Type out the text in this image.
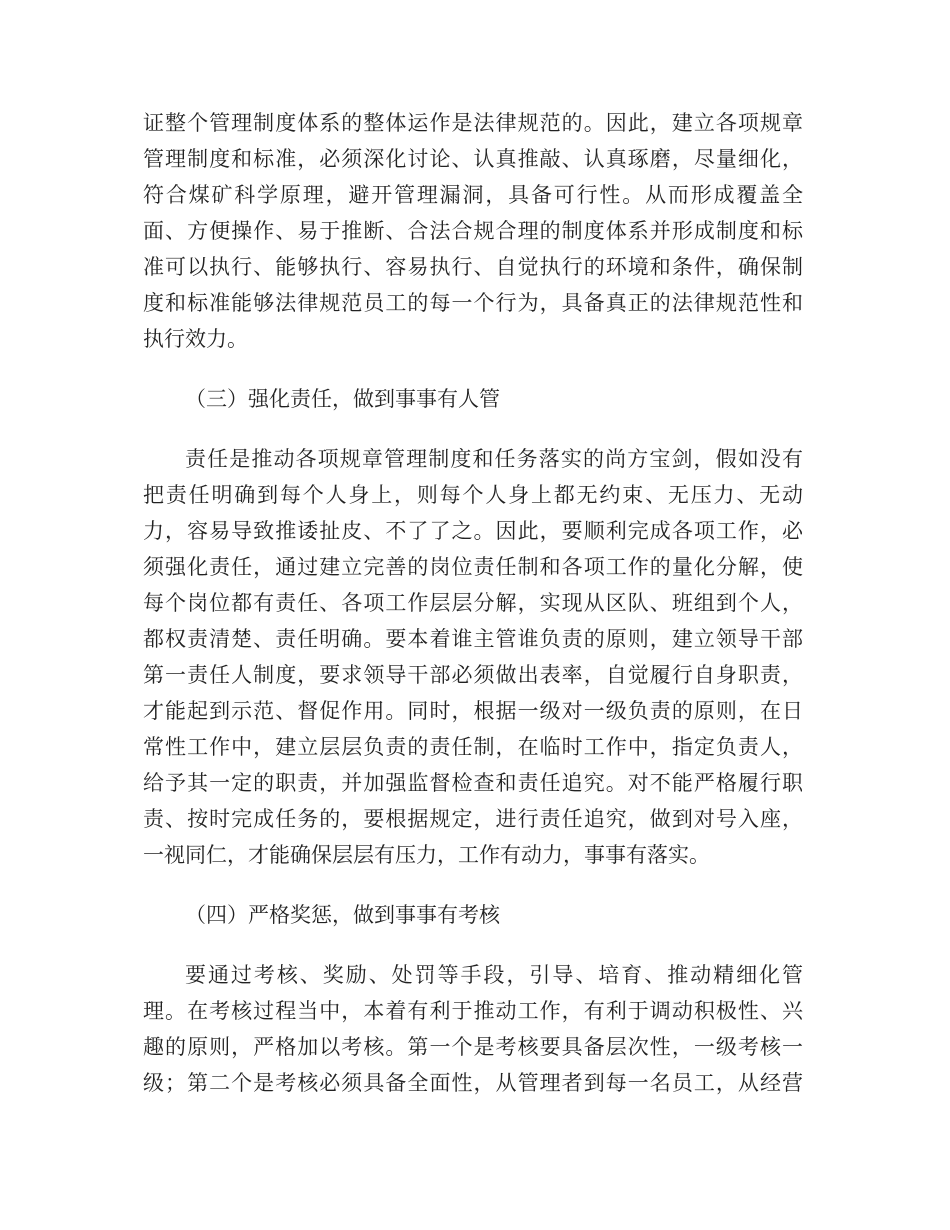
证整个管理制度体系的整体运作是法律规范的。因此，建立各项规章
管理制度和标准，必须深化讨论、认真推敲、认真琢磨，尽量细化，
符合煤矿科学原理，避开管理漏洞，具备可行性。从而形成覆盖全
面、方便操作、易于推断、合法合规合理的制度体系并形成制度和标
准可以执行、能够执行、容易执行、自觉执行的环境和条件，确保制
度和标准能够法律规范员工的每一个行为，具备真正的法律规范性和
执行效力。
（三）强化责任，做到事事有人管
责任是推动各项规章管理制度和任务落实的尚方宝剑，假如没有
把责任明确到每个人身上，则每个人身上都无约束、无压力、无动
力，容易导致推诿扯皮、不了了之。因此，要顺利完成各项工作，必
须强化责任，通过建立完善的岗位责任制和各项工作的量化分解，使
每个岗位都有责任、各项工作层层分解，实现从区队、班组到个人，
都权责清楚、责任明确。要本着谁主管谁负责的原则，建立领导干部
第一责任人制度，要求领导干部必须做出表率，自觉履行自身职责，
才能起到示范、督促作用。同时，根据一级对一级负责的原则，在日
常性工作中，建立层层负责的责任制，在临时工作中，指定负责人，
给予其一定的职责，并加强监督检查和责任追究。对不能严格履行职
责、按时完成任务的，要根据规定，进行责任追究，做到对号入座，
一视同仁，才能确保层层有压力，工作有动力，事事有落实。
（四）严格奖惩，做到事事有考核
要通过考核、奖励、处罚等手段，引导、培育、推动精细化管
理。在考核过程当中，本着有利于推动工作，有利于调动积极性、兴
趣的原则，严格加以考核。第一个是考核要具备层次性，一级考核一
级；第二个是考核必须具备全面性，从管理者到每一名员工，从经营
